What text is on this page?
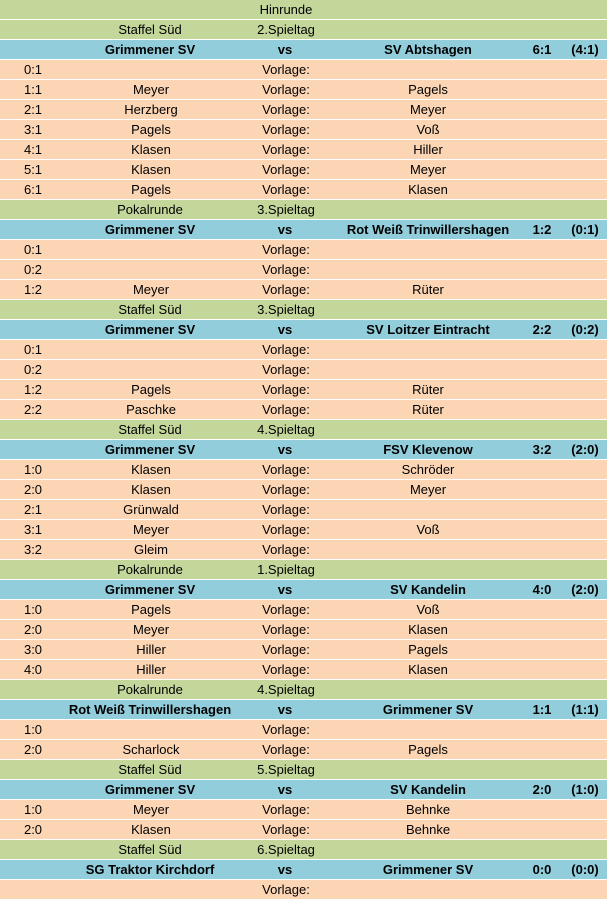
Hinrunde
Staffel Süd	2.Spieltag
Grimmener SV	vs	SV Abtshagen	6:1 (4:1)
0:1	Vorlage:
1:1	Meyer	Vorlage:	Pagels
2:1	Herzberg	Vorlage:	Meyer
3:1	Pagels	Vorlage:	Voß
4:1	Klasen	Vorlage:	Hiller
5:1	Klasen	Vorlage:	Meyer
6:1	Pagels	Vorlage:	Klasen
Pokalrunde	3.Spieltag
Grimmener SV	vs	Rot Weiß Trinwillershagen 1:2 (0:1)
0:1	Vorlage:
0:2	Vorlage:
1:2	Meyer	Vorlage:	Rüter
Staffel Süd	3.Spieltag
Grimmener SV	vs	SV Loitzer Eintracht	2:2 (0:2)
0:1	Vorlage:
0:2	Vorlage:
1:2	Pagels	Vorlage:	Rüter
2:2	Paschke	Vorlage:	Rüter
Staffel Süd	4.Spieltag
Grimmener SV	vs	FSV Klevenow	3:2 (2:0)
1:0	Klasen	Vorlage:	Schröder
2:0	Klasen	Vorlage:	Meyer
2:1	Grünwald	Vorlage:
3:1	Meyer	Vorlage:	Voß
3:2	Gleim	Vorlage:
Pokalrunde	1.Spieltag
Grimmener SV	vs	SV Kandelin	4:0 (2:0)
1:0	Pagels	Vorlage:	Voß
2:0	Meyer	Vorlage:	Klasen
3:0	Hiller	Vorlage:	Pagels
4:0	Hiller	Vorlage:	Klasen
Pokalrunde	4.Spieltag
Rot Weiß Trinwillershagen	vs	Grimmener SV	1:1 (1:1)
1:0	Vorlage:
2:0	Scharlock	Vorlage:	Pagels
Staffel Süd	5.Spieltag
Grimmener SV	vs	SV Kandelin	2:0 (1:0)
1:0	Meyer	Vorlage:	Behnke
2:0	Klasen	Vorlage:	Behnke
Staffel Süd	6.Spieltag
SG Traktor Kirchdorf	vs	Grimmener SV	0:0 (0:0)
Vorlage:
